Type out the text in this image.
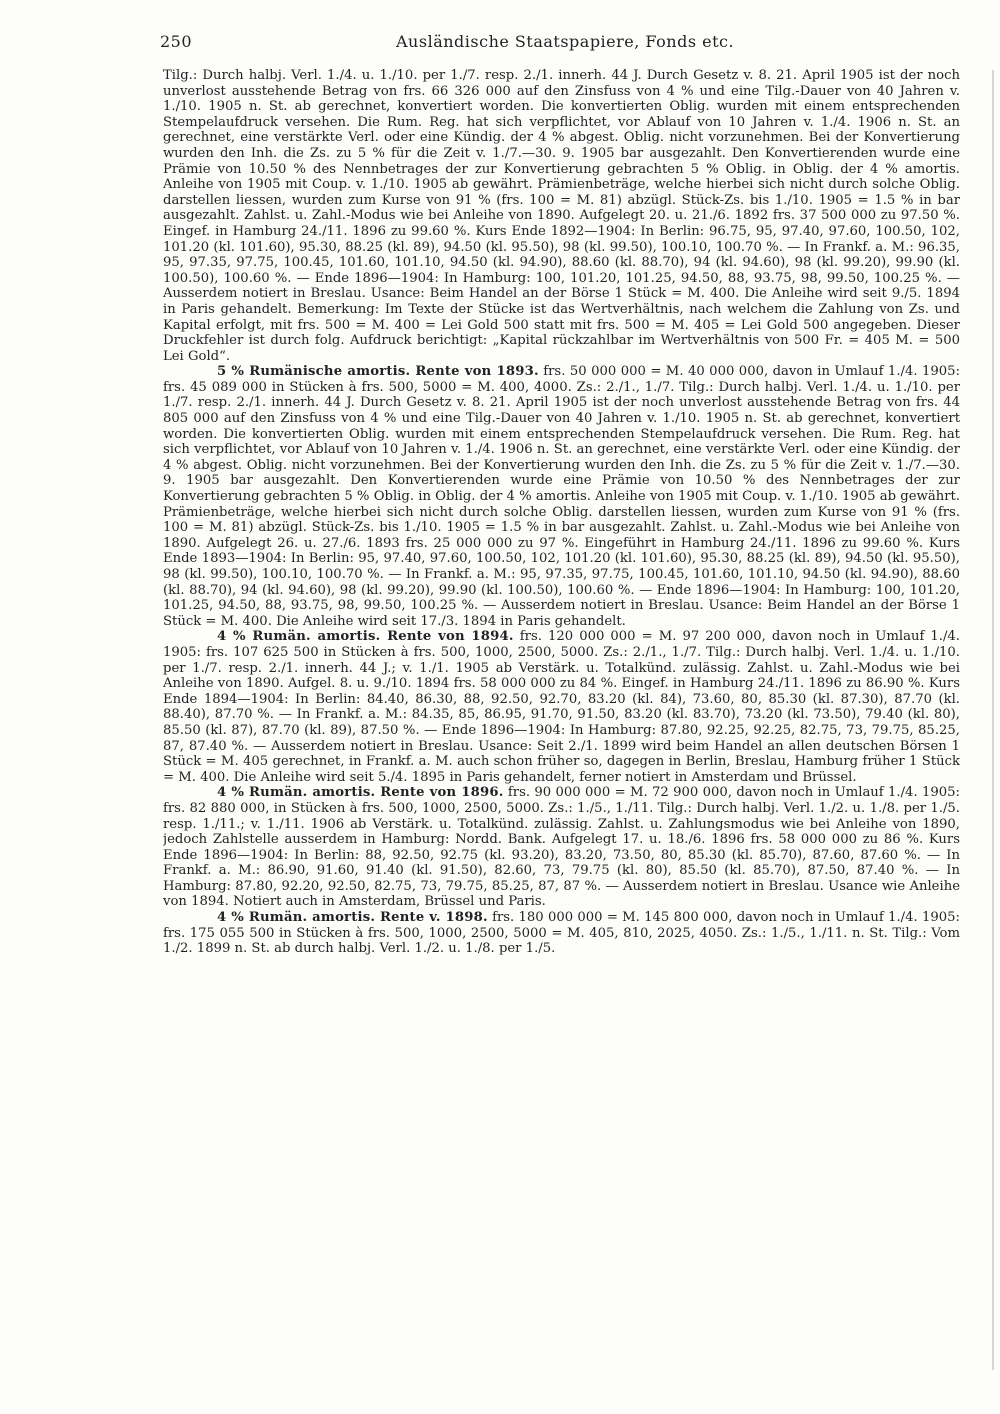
250	Ausländische Staatspapiere, Fonds etc.

Tilg.: Durch halbj. Verl. 1./4. u. 1./10. per 1./7. resp. 2./1. innerh. 44 J. Durch Gesetz v. 8. 21. April 1905 ist der noch unverlost ausstehende Betrag von frs. 66 326 000 auf den Zinsfuss von 4 % und eine Tilg.-Dauer von 40 Jahren v. 1./10. 1905 n. St. ab gerechnet, konvertiert worden. Die konvertierten Oblig. wurden mit einem entsprechenden Stempelaufdruck versehen. Die Rum. Reg. hat sich verpflichtet, vor Ablauf von 10 Jahren v. 1./4. 1906 n. St. an gerechnet, eine verstärkte Verl. oder eine Kündig. der 4 % abgest. Oblig. nicht vorzunehmen. Bei der Konvertierung wurden den Inh. die Zs. zu 5 % für die Zeit v. 1./7.—30. 9. 1905 bar ausgezahlt. Den Konvertierenden wurde eine Prämie von 10.50 % des Nennbetrages der zur Konvertierung gebrachten 5 % Oblig. in Oblig. der 4 % amortis. Anleihe von 1905 mit Coup. v. 1./10. 1905 ab gewährt. Prämienbeträge, welche hierbei sich nicht durch solche Oblig. darstellen liessen, wurden zum Kurse von 91 % (frs. 100 = M. 81) abzügl. Stück-Zs. bis 1./10. 1905 = 1.5 % in bar ausgezahlt. Zahlst. u. Zahl.-Modus wie bei Anleihe von 1890. Aufgelegt 20. u. 21./6. 1892 frs. 37 500 000 zu 97.50 %. Eingef. in Hamburg 24./11. 1896 zu 99.60 %. Kurs Ende 1892—1904: In Berlin: 96.75, 95, 97.40, 97.60, 100.50, 102, 101.20 (kl. 101.60), 95.30, 88.25 (kl. 89), 94.50 (kl. 95.50), 98 (kl. 99.50), 100.10, 100.70 %. — In Frankf. a. M.: 96.35, 95, 97.35, 97.75, 100.45, 101.60, 101.10, 94.50 (kl. 94.90), 88.60 (kl. 88.70), 94 (kl. 94.60), 98 (kl. 99.20), 99.90 (kl. 100.50), 100.60 %. — Ende 1896—1904: In Hamburg: 100, 101.20, 101.25, 94.50, 88, 93.75, 98, 99.50, 100.25 %. — Ausserdem notiert in Breslau. Usance: Beim Handel an der Börse 1 Stück = M. 400. Die Anleihe wird seit 9./5. 1894 in Paris gehandelt. Bemerkung: Im Texte der Stücke ist das Wertverhältnis, nach welchem die Zahlung von Zs. und Kapital erfolgt, mit frs. 500 = M. 400 = Lei Gold 500 statt mit frs. 500 = M. 405 = Lei Gold 500 angegeben. Dieser Druckfehler ist durch folg. Aufdruck berichtigt: „Kapital rückzahlbar im Wertverhältnis von 500 Fr. = 405 M. = 500 Lei Gold“.

5 % Rumänische amortis. Rente von 1893. frs. 50 000 000 = M. 40 000 000, davon in Umlauf 1./4. 1905: frs. 45 089 000 in Stücken à frs. 500, 5000 = M. 400, 4000. Zs.: 2./1., 1./7. Tilg.: Durch halbj. Verl. 1./4. u. 1./10. per 1./7. resp. 2./1. innerh. 44 J. Durch Gesetz v. 8. 21. April 1905 ist der noch unverlost ausstehende Betrag von frs. 44 805 000 auf den Zinsfuss von 4 % und eine Tilg.-Dauer von 40 Jahren v. 1./10. 1905 n. St. ab gerechnet, konvertiert worden. Die konvertierten Oblig. wurden mit einem entsprechenden Stempelaufdruck versehen. Die Rum. Reg. hat sich verpflichtet, vor Ablauf von 10 Jahren v. 1./4. 1906 n. St. an gerechnet, eine verstärkte Verl. oder eine Kündig. der 4 % abgest. Oblig. nicht vorzunehmen. Bei der Konvertierung wurden den Inh. die Zs. zu 5 % für die Zeit v. 1./7.—30. 9. 1905 bar ausgezahlt. Den Konvertierenden wurde eine Prämie von 10.50 % des Nennbetrages der zur Konvertierung gebrachten 5 % Oblig. in Oblig. der 4 % amortis. Anleihe von 1905 mit Coup. v. 1./10. 1905 ab gewährt. Prämienbeträge, welche hierbei sich nicht durch solche Oblig. darstellen liessen, wurden zum Kurse von 91 % (frs. 100 = M. 81) abzügl. Stück-Zs. bis 1./10. 1905 = 1.5 % in bar ausgezahlt. Zahlst. u. Zahl.-Modus wie bei Anleihe von 1890. Aufgelegt 26. u. 27./6. 1893 frs. 25 000 000 zu 97 %. Eingeführt in Hamburg 24./11. 1896 zu 99.60 %. Kurs Ende 1893—1904: In Berlin: 95, 97.40, 97.60, 100.50, 102, 101.20 (kl. 101.60), 95.30, 88.25 (kl. 89), 94.50 (kl. 95.50), 98 (kl. 99.50), 100.10, 100.70 %. — In Frankf. a. M.: 95, 97.35, 97.75, 100.45, 101.60, 101.10, 94.50 (kl. 94.90), 88.60 (kl. 88.70), 94 (kl. 94.60), 98 (kl. 99.20), 99.90 (kl. 100.50), 100.60 %. — Ende 1896—1904: In Hamburg: 100, 101.20, 101.25, 94.50, 88, 93.75, 98, 99.50, 100.25 %. — Ausserdem notiert in Breslau. Usance: Beim Handel an der Börse 1 Stück = M. 400. Die Anleihe wird seit 17./3. 1894 in Paris gehandelt.

4 % Rumän. amortis. Rente von 1894. frs. 120 000 000 = M. 97 200 000, davon noch in Umlauf 1./4. 1905: frs. 107 625 500 in Stücken à frs. 500, 1000, 2500, 5000. Zs.: 2./1., 1./7. Tilg.: Durch halbj. Verl. 1./4. u. 1./10. per 1./7. resp. 2./1. innerh. 44 J.; v. 1./1. 1905 ab Verstärk. u. Totalkünd. zulässig. Zahlst. u. Zahl.-Modus wie bei Anleihe von 1890. Aufgel. 8. u. 9./10. 1894 frs. 58 000 000 zu 84 %. Eingef. in Hamburg 24./11. 1896 zu 86.90 %. Kurs Ende 1894—1904: In Berlin: 84.40, 86.30, 88, 92.50, 92.70, 83.20 (kl. 84), 73.60, 80, 85.30 (kl. 87.30), 87.70 (kl. 88.40), 87.70 %. — In Frankf. a. M.: 84.35, 85, 86.95, 91.70, 91.50, 83.20 (kl. 83.70), 73.20 (kl. 73.50), 79.40 (kl. 80), 85.50 (kl. 87), 87.70 (kl. 89), 87.50 %. — Ende 1896—1904: In Hamburg: 87.80, 92.25, 92.25, 82.75, 73, 79.75, 85.25, 87, 87.40 %. — Ausserdem notiert in Breslau. Usance: Seit 2./1. 1899 wird beim Handel an allen deutschen Börsen 1 Stück = M. 405 gerechnet, in Frankf. a. M. auch schon früher so, dagegen in Berlin, Breslau, Hamburg früher 1 Stück = M. 400. Die Anleihe wird seit 5./4. 1895 in Paris gehandelt, ferner notiert in Amsterdam und Brüssel.

4 % Rumän. amortis. Rente von 1896. frs. 90 000 000 = M. 72 900 000, davon noch in Umlauf 1./4. 1905: frs. 82 880 000, in Stücken à frs. 500, 1000, 2500, 5000. Zs.: 1./5., 1./11. Tilg.: Durch halbj. Verl. 1./2. u. 1./8. per 1./5. resp. 1./11.; v. 1./11. 1906 ab Verstärk. u. Totalkünd. zulässig. Zahlst. u. Zahlungsmodus wie bei Anleihe von 1890, jedoch Zahlstelle ausserdem in Hamburg: Nordd. Bank. Aufgelegt 17. u. 18./6. 1896 frs. 58 000 000 zu 86 %. Kurs Ende 1896—1904: In Berlin: 88, 92.50, 92.75 (kl. 93.20), 83.20, 73.50, 80, 85.30 (kl. 85.70), 87.60, 87.60 %. — In Frankf. a. M.: 86.90, 91.60, 91.40 (kl. 91.50), 82.60, 73, 79.75 (kl. 80), 85.50 (kl. 85.70), 87.50, 87.40 %. — In Hamburg: 87.80, 92.20, 92.50, 82.75, 73, 79.75, 85.25, 87, 87 %. — Ausserdem notiert in Breslau. Usance wie Anleihe von 1894. Notiert auch in Amsterdam, Brüssel und Paris.

4 % Rumän. amortis. Rente v. 1898. frs. 180 000 000 = M. 145 800 000, davon noch in Umlauf 1./4. 1905: frs. 175 055 500 in Stücken à frs. 500, 1000, 2500, 5000 = M. 405, 810, 2025, 4050. Zs.: 1./5., 1./11. n. St. Tilg.: Vom 1./2. 1899 n. St. ab durch halbj. Verl. 1./2. u. 1./8. per 1./5.
